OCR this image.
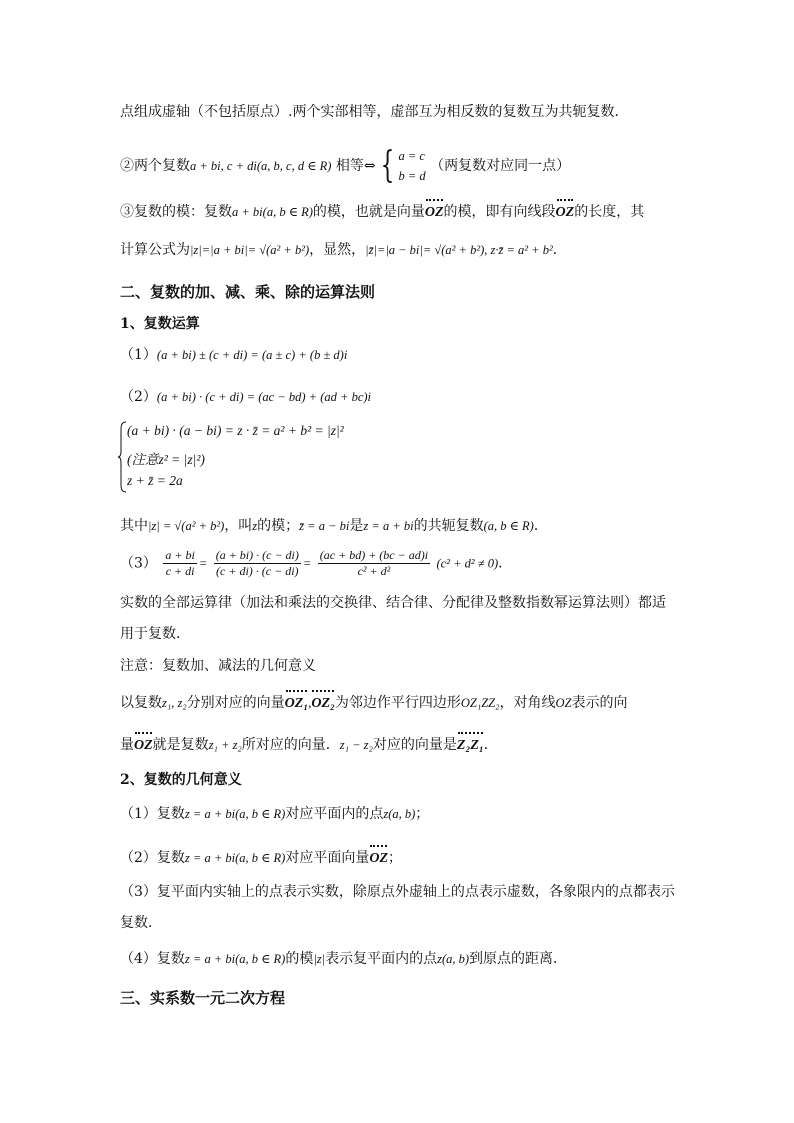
点组成虚轴（不包括原点）.两个实部相等，虚部互为相反数的复数互为共轭复数．
②两个复数a + bi, c + di(a, b, c, d ∈ R) 相等⇔ { a = c
b = d
（两复数对应同一点）
③复数的模：复数a + bi(a, b ∈ R)的模，也就是向量OZ的模，即有向线段OZ的长度，其
计算公式为|z|=|a + bi|= √(a² + b²)，显然，|z̄|=|a − bi|= √(a² + b²), z·z̄ = a² + b²．
二、复数的加、减、乘、除的运算法则
1、复数运算
（1）(a + bi) ± (c + di) = (a ± c) + (b ± d)i
（2）(a + bi) · (c + di) = (ac − bd) + (ad + bc)i
(a + bi) · (a − bi) = z · z̄ = a² + b² = |z|²
(注意z² = |z|²)
z + z̄ = 2a
其中|z| = √(a² + b²)，叫z的模；z̄ = a − bi是z = a + bi的共轭复数(a, b ∈ R)．
$(3) \frac{a + bi}{c + di} = \frac{(a + bi) \cdot (c - di)}{(c + di) \cdot (c - di)} = \frac{(ac + bd) + (bc - ad)i}{\text{c² + d²}} (c^2 + d^2 \ne 0)$．
实数的全部运算律（加法和乘法的交换律、结合律、分配律及整数指数幂运算法则）都适
用于复数．
注意：复数加、减法的几何意义
以复数z₁, z₂分别对应的向量OZ₁,OZ₂为邻边作平行四边形OZ₁ZZ₂，对角线OZ表示的向
量OZ就是复数z₁ + z₂所对应的向量．z₁ − z₂对应的向量是Z₂Z₁．
2、复数的几何意义
（1）复数z = a + bi(a, b ∈ R)对应平面内的点z(a, b)；
（2）复数z = a + bi(a, b ∈ R)对应平面向量OZ；
（3）复平面内实轴上的点表示实数，除原点外虚轴上的点表示虚数，各象限内的点都表示
复数．
（4）复数z = a + bi(a, b ∈ R)的模|z|表示复平面内的点z(a, b)到原点的距离．
三、实系数一元二次方程
